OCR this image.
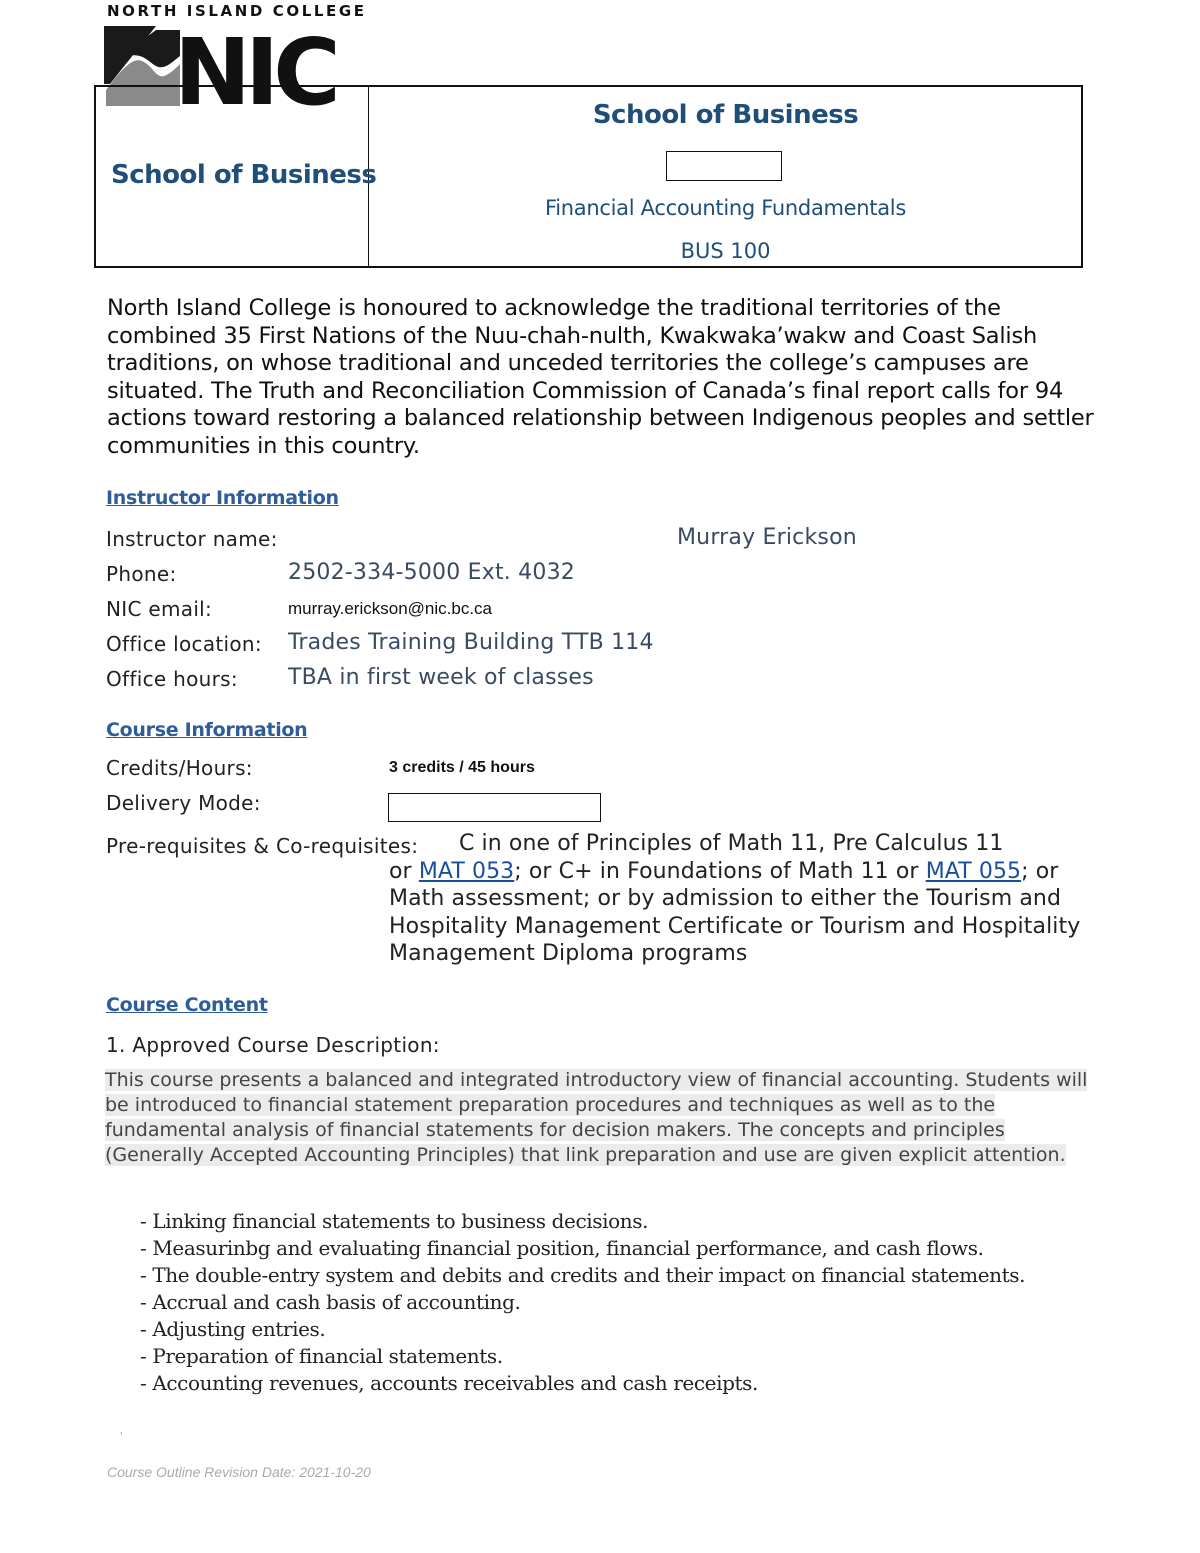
NORTH ISLAND COLLEGE
NIC
School of Business
School of Business
Financial Accounting Fundamentals
BUS 100
North Island College is honoured to acknowledge the traditional territories of the combined 35 First Nations of the Nuu-chah-nulth, Kwakwaka’wakw and Coast Salish traditions, on whose traditional and unceded territories the college’s campuses are situated. The Truth and Reconciliation Commission of Canada’s final report calls for 94 actions toward restoring a balanced relationship between Indigenous peoples and settler communities in this country.
Instructor Information
Instructor name:	Murray Erickson
Phone:	2502-334-5000 Ext. 4032
NIC email:	murray.erickson@nic.bc.ca
Office location: Trades Training Building TTB 114
Office hours: TBA in first week of classes
Course Information
Credits/Hours:	3 credits / 45 hours
Delivery Mode:
Pre-requisites & Co-requisites:	C in one of Principles of Math 11, Pre Calculus 11
or MAT 053; or C+ in Foundations of Math 11 or MAT 055; or Math assessment; or by admission to either the Tourism and Hospitality Management Certificate or Tourism and Hospitality Management Diploma programs
Course Content
1. Approved Course Description:
This course presents a balanced and integrated introductory view of financial accounting. Students will be introduced to financial statement preparation procedures and techniques as well as to the fundamental analysis of financial statements for decision makers. The concepts and principles (Generally Accepted Accounting Principles) that link preparation and use are given explicit attention.
- Linking financial statements to business decisions.
- Measurinbg and evaluating financial position, financial performance, and cash flows.
- The double-entry system and debits and credits and their impact on financial statements.
- Accrual and cash basis of accounting.
- Adjusting entries.
- Preparation of financial statements.
- Accounting revenues, accounts receivables and cash receipts.
'
Course Outline Revision Date: 2021-10-20
